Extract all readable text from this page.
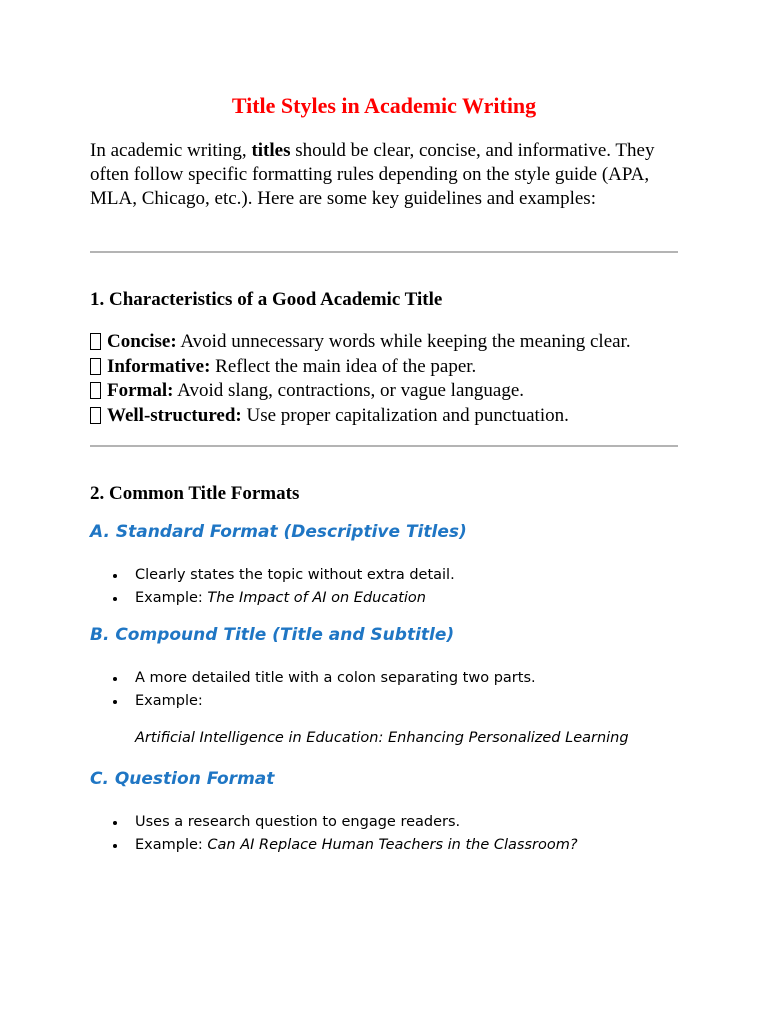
Title Styles in Academic Writing

In academic writing, titles should be clear, concise, and informative. They often follow specific formatting rules depending on the style guide (APA, MLA, Chicago, etc.). Here are some key guidelines and examples:

1. Characteristics of a Good Academic Title
Concise: Avoid unnecessary words while keeping the meaning clear.
Informative: Reflect the main idea of the paper.
Formal: Avoid slang, contractions, or vague language.
Well-structured: Use proper capitalization and punctuation.
2. Common Title Formats
A. Standard Format (Descriptive Titles)
Clearly states the topic without extra detail.
Example: The Impact of AI on Education
B. Compound Title (Title and Subtitle)
A more detailed title with a colon separating two parts.
Example:

Artificial Intelligence in Education: Enhancing Personalized Learning

C. Question Format
Uses a research question to engage readers.
Example: Can AI Replace Human Teachers in the Classroom?
